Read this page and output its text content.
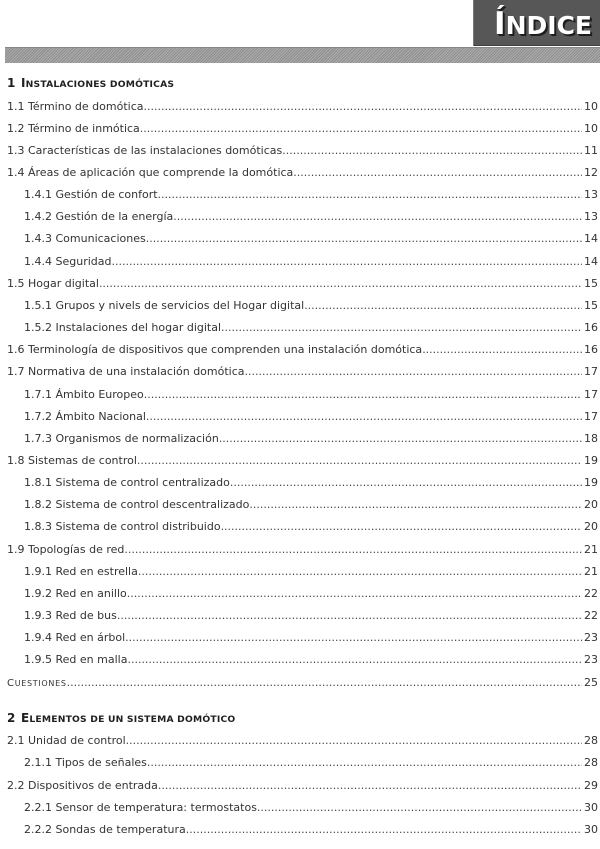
ÍNDICE
1 INSTALACIONES DOMÓTICAS
1.1 Término de domótica .....	10
1.2 Término de inmótica .....	10
1.3 Características de las instalaciones domóticas .....	11
1.4 Áreas de aplicación que comprende la domótica .....	12
1.4.1 Gestión de confort .....	13
1.4.2 Gestión de la energía .....	13
1.4.3 Comunicaciones .....	14
1.4.4 Seguridad .....	14
1.5 Hogar digital .....	15
1.5.1 Grupos y nivels de servicios del Hogar digital .....	15
1.5.2 Instalaciones del hogar digital .....	16
1.6 Terminología de dispositivos que comprenden una instalación domótica .....	16
1.7 Normativa de una instalación domótica .....	17
1.7.1 Ámbito Europeo .....	17
1.7.2 Ámbito Nacional .....	17
1.7.3 Organismos de normalización .....	18
1.8 Sistemas de control .....	19
1.8.1 Sistema de control centralizado .....	19
1.8.2 Sistema de control descentralizado .....	20
1.8.3 Sistema de control distribuido .....	20
1.9 Topologías de red .....	21
1.9.1 Red en estrella .....	21
1.9.2 Red en anillo .....	22
1.9.3 Red de bus .....	22
1.9.4 Red en árbol .....	23
1.9.5 Red en malla .....	23
CUESTIONES .....	25
2 ELEMENTOS DE UN SISTEMA DOMÓTICO
2.1 Unidad de control .....	28
2.1.1 Tipos de señales .....	28
2.2 Dispositivos de entrada .....	29
2.2.1 Sensor de temperatura: termostatos .....	30
2.2.2 Sondas de temperatura .....	30
